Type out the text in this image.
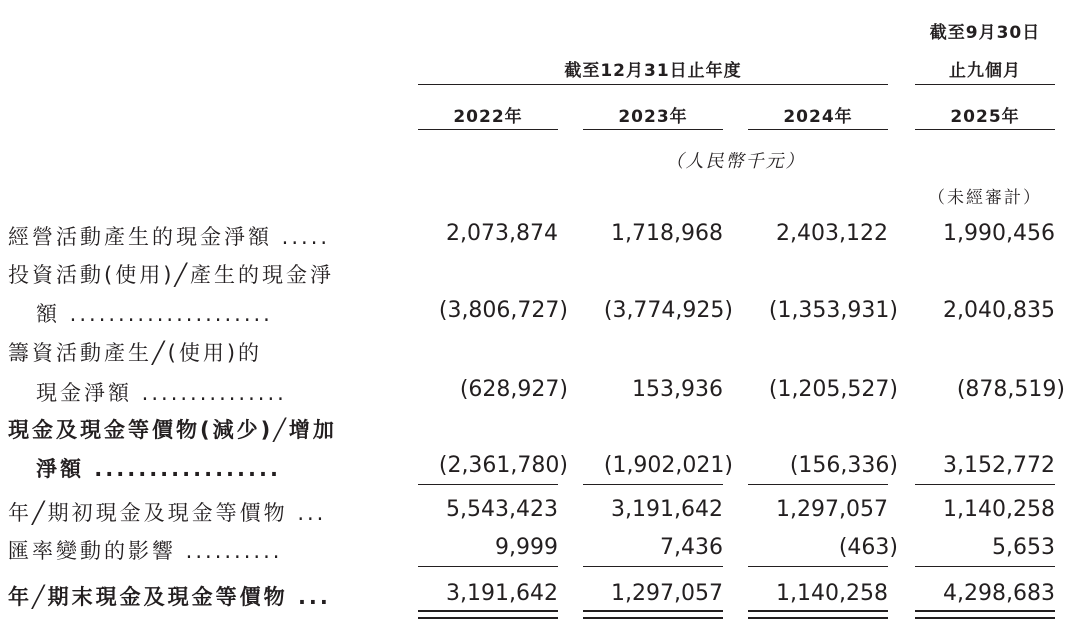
截至9月30日
截至12月31日止年度	止九個月
2022年	2023年	2024年	2025年
（人民幣千元）
（未經審計）
經營活動產生的現金淨額 .....	2,073,874	1,718,968	2,403,122	1,990,456
投資活動(使用)╱產生的現金淨
額 .....................	(3,806,727)	(3,774,925)	(1,353,931)	2,040,835
籌資活動產生╱(使用)的
現金淨額 ...............	(628,927)	153,936	(1,205,527)	(878,519)
現金及現金等價物(減少)╱增加
淨額 .................	(2,361,780)	(1,902,021)	(156,336)	3,152,772
年╱期初現金及現金等價物 ...	5,543,423	3,191,642	1,297,057	1,140,258
匯率變動的影響 ..........	9,999	7,436	(463)	5,653
年╱期末現金及現金等價物 ...	3,191,642	1,297,057	1,140,258	4,298,683
